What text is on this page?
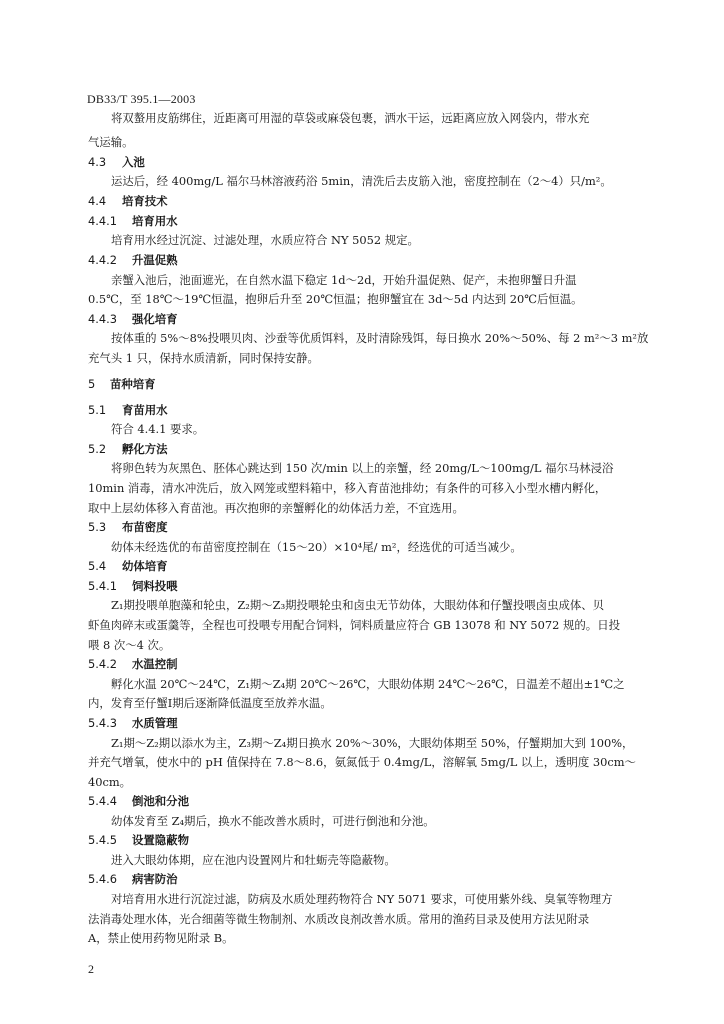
DB33/T 395.1—2003
将双螯用皮筋绑住，近距离可用湿的草袋或麻袋包裹，洒水干运，远距离应放入网袋内，带水充
气运输。
4.3 入池
运达后，经 400mg/L 福尔马林溶液药浴 5min，清洗后去皮筋入池，密度控制在（2～4）只/m²。
4.4 培育技术
4.4.1 培育用水
培育用水经过沉淀、过滤处理，水质应符合 NY 5052 规定。
4.4.2 升温促熟
亲蟹入池后，池面遮光，在自然水温下稳定 1d～2d，开始升温促熟、促产，未抱卵蟹日升温
0.5℃，至 18℃～19℃恒温，抱卵后升至 20℃恒温；抱卵蟹宜在 3d～5d 内达到 20℃后恒温。
4.4.3 强化培育
按体重的 5%～8%投喂贝肉、沙蚕等优质饵料，及时清除残饵，每日换水 20%～50%、每 2 m²～3 m²放
充气头 1 只，保持水质清新，同时保持安静。
5 苗种培育
5.1 育苗用水
符合 4.4.1 要求。
5.2 孵化方法
将卵色转为灰黑色、胚体心跳达到 150 次/min 以上的亲蟹，经 20mg/L～100mg/L 福尔马林浸浴
10min 消毒，清水冲洗后，放入网笼或塑料箱中，移入育苗池排幼；有条件的可移入小型水槽内孵化，
取中上层幼体移入育苗池。再次抱卵的亲蟹孵化的幼体活力差，不宜选用。
5.3 布苗密度
幼体未经选优的布苗密度控制在（15～20）×10⁴尾/ m²，经选优的可适当减少。
5.4 幼体培育
5.4.1 饲料投喂
Z₁期投喂单胞藻和轮虫，Z₂期～Z₃期投喂轮虫和卤虫无节幼体，大眼幼体和仔蟹投喂卤虫成体、贝
虾鱼肉碎末或蛋羹等，全程也可投喂专用配合饲料，饲料质量应符合 GB 13078 和 NY 5072 规的。日投
喂 8 次～4 次。
5.4.2 水温控制
孵化水温 20℃～24℃，Z₁期～Z₄期 20℃～26℃，大眼幼体期 24℃～26℃，日温差不超出±1℃之
内，发育至仔蟹Ⅰ期后逐渐降低温度至放养水温。
5.4.3 水质管理
Z₁期～Z₂期以添水为主，Z₃期～Z₄期日换水 20%～30%，大眼幼体期至 50%，仔蟹期加大到 100%，
并充气增氧，使水中的 pH 值保持在 7.8～8.6，氨氮低于 0.4mg/L，溶解氧 5mg/L 以上，透明度 30cm～
40cm。
5.4.4 倒池和分池
幼体发育至 Z₄期后，换水不能改善水质时，可进行倒池和分池。
5.4.5 设置隐蔽物
进入大眼幼体期，应在池内设置网片和牡蛎壳等隐蔽物。
5.4.6 病害防治
对培育用水进行沉淀过滤，防病及水质处理药物符合 NY 5071 要求，可使用紫外线、臭氧等物理方
法消毒处理水体，光合细菌等微生物制剂、水质改良剂改善水质。常用的渔药目录及使用方法见附录
A，禁止使用药物见附录 B。
2
